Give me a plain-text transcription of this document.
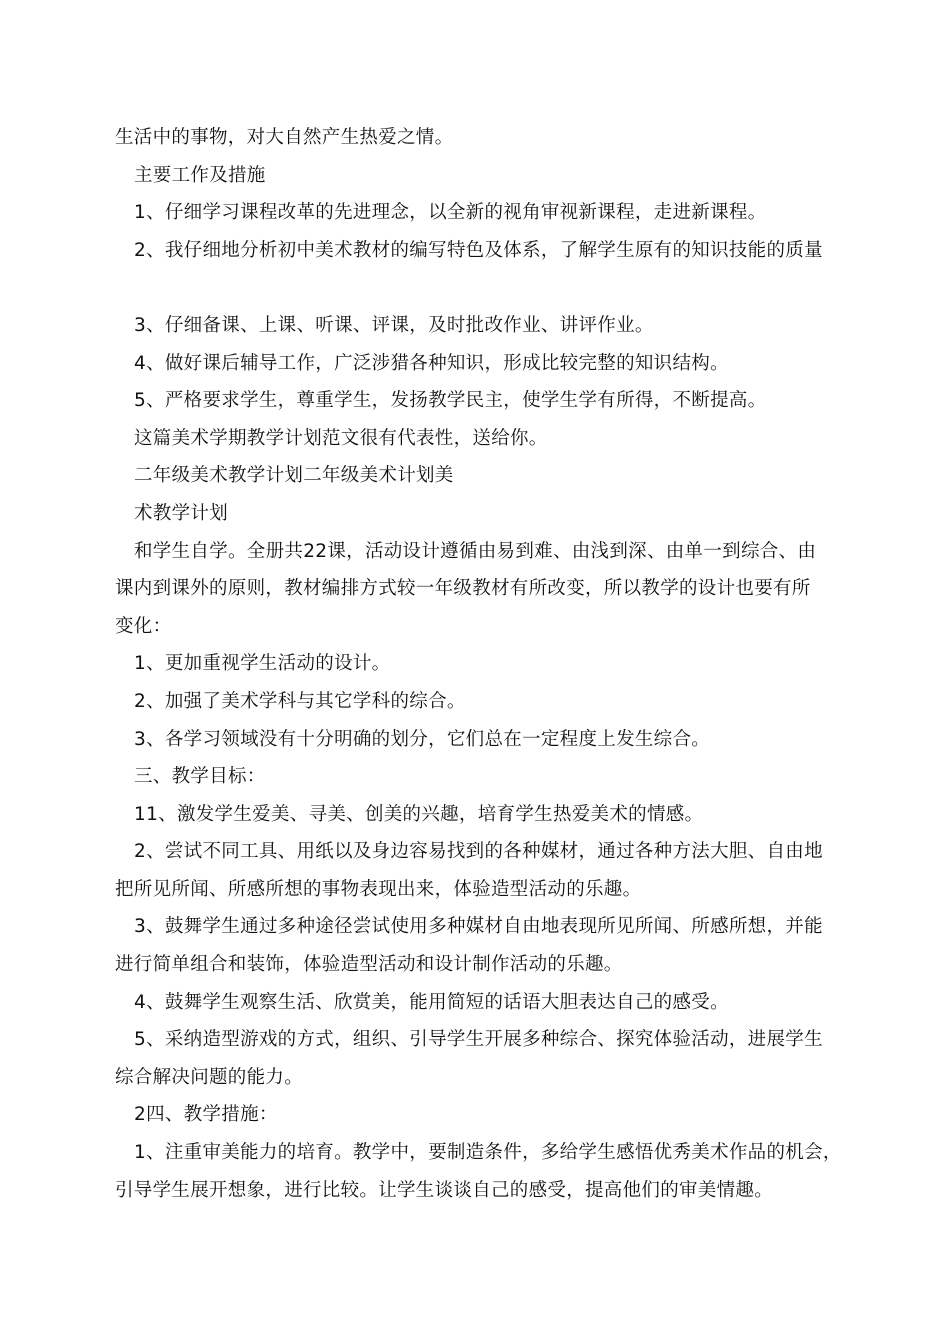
生活中的事物，对大自然产生热爱之情。
主要工作及措施
1、仔细学习课程改革的先进理念，以全新的视角审视新课程，走进新课程。
2、我仔细地分析初中美术教材的编写特色及体系，了解学生原有的知识技能的质量
3、仔细备课、上课、听课、评课，及时批改作业、讲评作业。
4、做好课后辅导工作，广泛涉猎各种知识，形成比较完整的知识结构。
5、严格要求学生，尊重学生，发扬教学民主，使学生学有所得，不断提高。
这篇美术学期教学计划范文很有代表性，送给你。
二年级美术教学计划二年级美术计划美
术教学计划
和学生自学。全册共22课，活动设计遵循由易到难、由浅到深、由单一到综合、由
课内到课外的原则，教材编排方式较一年级教材有所改变，所以教学的设计也要有所
变化：
1、更加重视学生活动的设计。
2、加强了美术学科与其它学科的综合。
3、各学习领域没有十分明确的划分，它们总在一定程度上发生综合。
三、教学目标：
11、激发学生爱美、寻美、创美的兴趣，培育学生热爱美术的情感。
2、尝试不同工具、用纸以及身边容易找到的各种媒材，通过各种方法大胆、自由地
把所见所闻、所感所想的事物表现出来，体验造型活动的乐趣。
3、鼓舞学生通过多种途径尝试使用多种媒材自由地表现所见所闻、所感所想，并能
进行简单组合和装饰，体验造型活动和设计制作活动的乐趣。
4、鼓舞学生观察生活、欣赏美，能用简短的话语大胆表达自己的感受。
5、采纳造型游戏的方式，组织、引导学生开展多种综合、探究体验活动，进展学生
综合解决问题的能力。
2四、教学措施：
1、注重审美能力的培育。教学中，要制造条件，多给学生感悟优秀美术作品的机会，
引导学生展开想象，进行比较。让学生谈谈自己的感受，提高他们的审美情趣。
